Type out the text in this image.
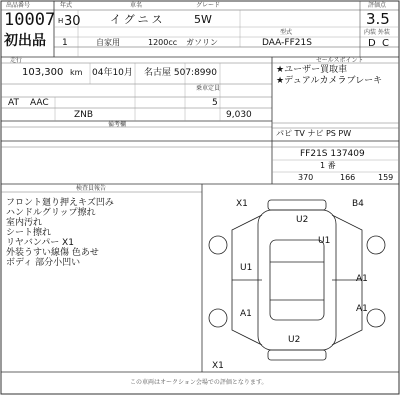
出品番号
10007
初出品
年式
H 30
車名
イグニス	5W
グレード
型式
評価点
3.5
内装 外装
D C
1	自家用	1200cc ガソリン	DAA-FF21S
走行
103,300 km 04年10月 名古屋 507:8990
乗車定員
5
AT AAC
ZNB	9,030
備考欄
セールスポイント
★ユーザー買取車
★デュアルカメラブレーキ
パピ TV ナビ PS PW
FF21S 137409
1 番
370	166	159
検査員報告
フロント廻り押えキズ凹み
ハンドルグリップ擦れ
室内汚れ
シート擦れ
リヤバンパー X1
外装うすい線傷 色あせ
ボディ 部分小凹い
X1	B4
U2
U1
U1
A1
A1
A1
U2
X1
この車両はオークション会場での評価となります。
